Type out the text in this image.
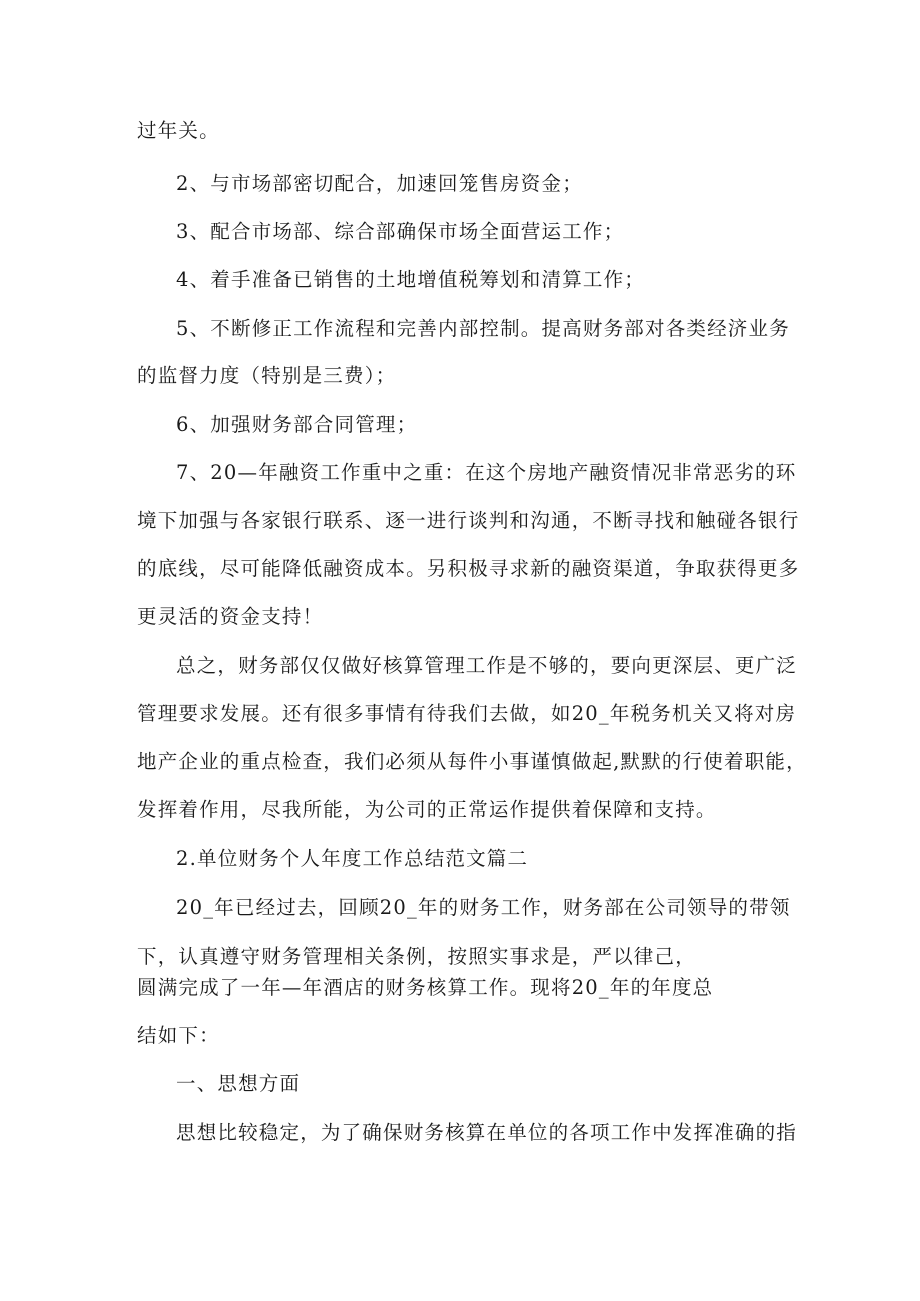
过年关。
2、与市场部密切配合，加速回笼售房资金；
3、配合市场部、综合部确保市场全面营运工作；
4、着手准备已销售的土地增值税筹划和清算工作；
5、不断修正工作流程和完善内部控制。提高财务部对各类经济业务
的监督力度（特别是三费）；
6、加强财务部合同管理；
7、20—年融资工作重中之重：在这个房地产融资情况非常恶劣的环
境下加强与各家银行联系、逐一进行谈判和沟通，不断寻找和触碰各银行
的底线，尽可能降低融资成本。另积极寻求新的融资渠道，争取获得更多
更灵活的资金支持！
总之，财务部仅仅做好核算管理工作是不够的，要向更深层、更广泛
管理要求发展。还有很多事情有待我们去做，如20_年税务机关又将对房
地产企业的重点检查，我们必须从每件小事谨慎做起,默默的行使着职能，
发挥着作用，尽我所能，为公司的正常运作提供着保障和支持。
2.单位财务个人年度工作总结范文篇二
20_年已经过去，回顾20_年的财务工作，财务部在公司领导的带领
下，认真遵守财务管理相关条例，按照实事求是，严以律己，
圆满完成了一年—年酒店的财务核算工作。现将20_年的年度总
结如下：
一、思想方面
思想比较稳定，为了确保财务核算在单位的各项工作中发挥准确的指
